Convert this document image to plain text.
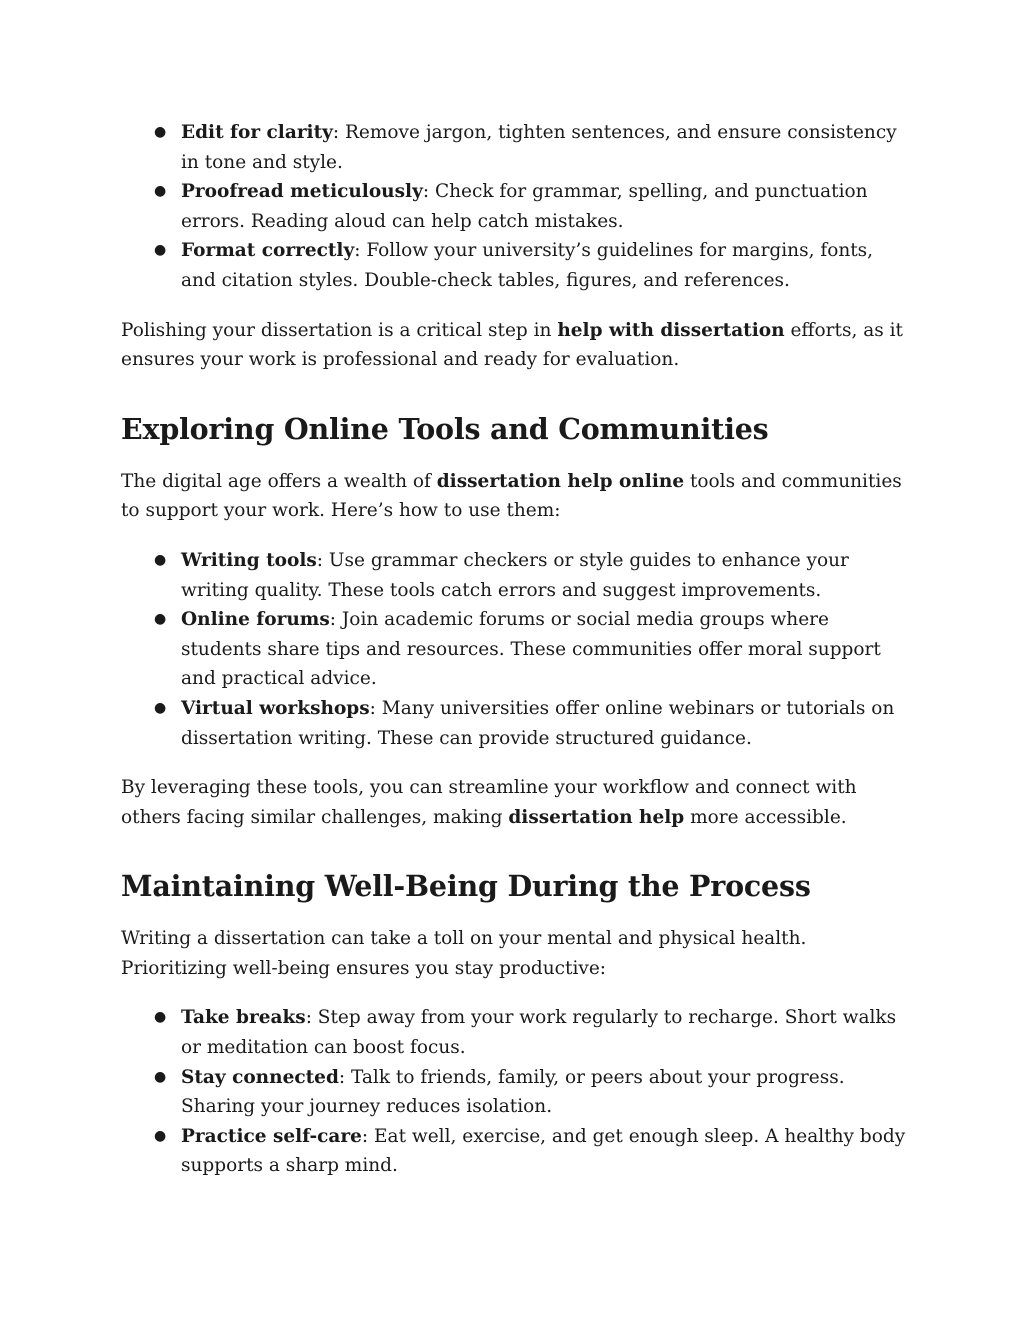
● Edit for clarity: Remove jargon, tighten sentences, and ensure consistency in tone and style.
● Proofread meticulously: Check for grammar, spelling, and punctuation errors. Reading aloud can help catch mistakes.
● Format correctly: Follow your university’s guidelines for margins, fonts, and citation styles. Double-check tables, figures, and references.

Polishing your dissertation is a critical step in help with dissertation efforts, as it ensures your work is professional and ready for evaluation.

Exploring Online Tools and Communities

The digital age offers a wealth of dissertation help online tools and communities to support your work. Here’s how to use them:

● Writing tools: Use grammar checkers or style guides to enhance your writing quality. These tools catch errors and suggest improvements.
● Online forums: Join academic forums or social media groups where students share tips and resources. These communities offer moral support and practical advice.
● Virtual workshops: Many universities offer online webinars or tutorials on dissertation writing. These can provide structured guidance.

By leveraging these tools, you can streamline your workflow and connect with others facing similar challenges, making dissertation help more accessible.

Maintaining Well-Being During the Process

Writing a dissertation can take a toll on your mental and physical health. Prioritizing well-being ensures you stay productive:

● Take breaks: Step away from your work regularly to recharge. Short walks or meditation can boost focus.
● Stay connected: Talk to friends, family, or peers about your progress. Sharing your journey reduces isolation.
● Practice self-care: Eat well, exercise, and get enough sleep. A healthy body supports a sharp mind.
